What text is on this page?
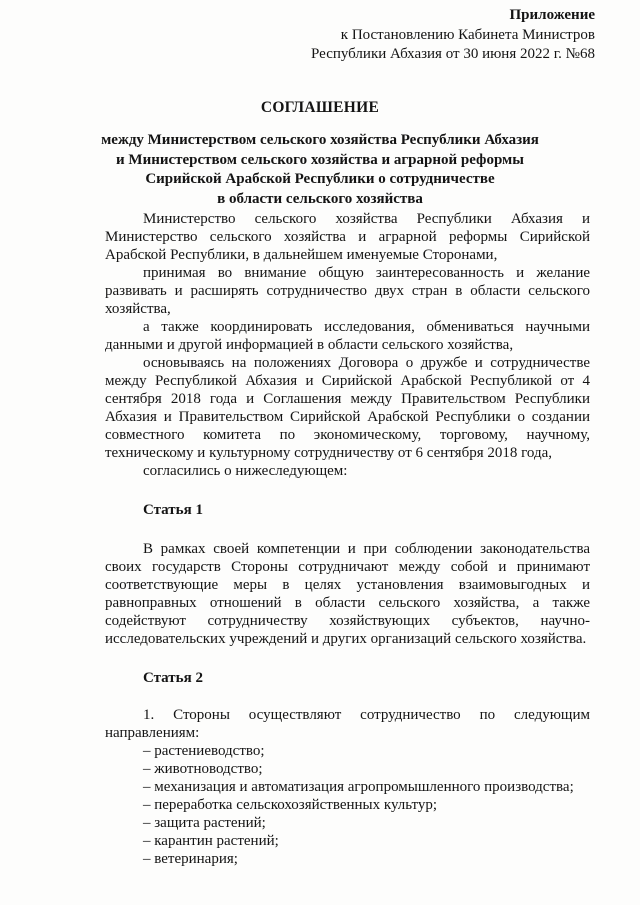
Приложение
к Постановлению Кабинета Министров
Республики Абхазия от 30 июня 2022 г. №68
СОГЛАШЕНИЕ
между Министерством сельского хозяйства Республики Абхазия
и Министерством сельского хозяйства и аграрной реформы
Сирийской Арабской Республики о сотрудничестве
в области сельского хозяйства

Министерство сельского хозяйства Республики Абхазия и Министерство сельского хозяйства и аграрной реформы Сирийской Арабской Республики, в дальнейшем именуемые Сторонами,

принимая во внимание общую заинтересованность и желание развивать и расширять сотрудничество двух стран в области сельского хозяйства,

а также координировать исследования, обмениваться научными данными и другой информацией в области сельского хозяйства,

основываясь на положениях Договора о дружбе и сотрудничестве между Республикой Абхазия и Сирийской Арабской Республикой от 4 сентября 2018 года и Соглашения между Правительством Республики Абхазия и Правительством Сирийской Арабской Республики о создании совместного комитета по экономическому, торговому, научному, техническому и культурному сотрудничеству от 6 сентября 2018 года,

согласились о нижеследующем:

Статья 1

В рамках своей компетенции и при соблюдении законодательства своих государств Стороны сотрудничают между собой и принимают соответствующие меры в целях установления взаимовыгодных и равноправных отношений в области сельского хозяйства, а также содействуют сотрудничеству хозяйствующих субъектов, научно-исследовательских учреждений и других организаций сельского хозяйства.

Статья 2

1. Стороны осуществляют сотрудничество по следующим направлениям:

– растениеводство;
– животноводство;
– механизация и автоматизация агропромышленного производства;
– переработка сельскохозяйственных культур;
– защита растений;
– карантин растений;
– ветеринария;
